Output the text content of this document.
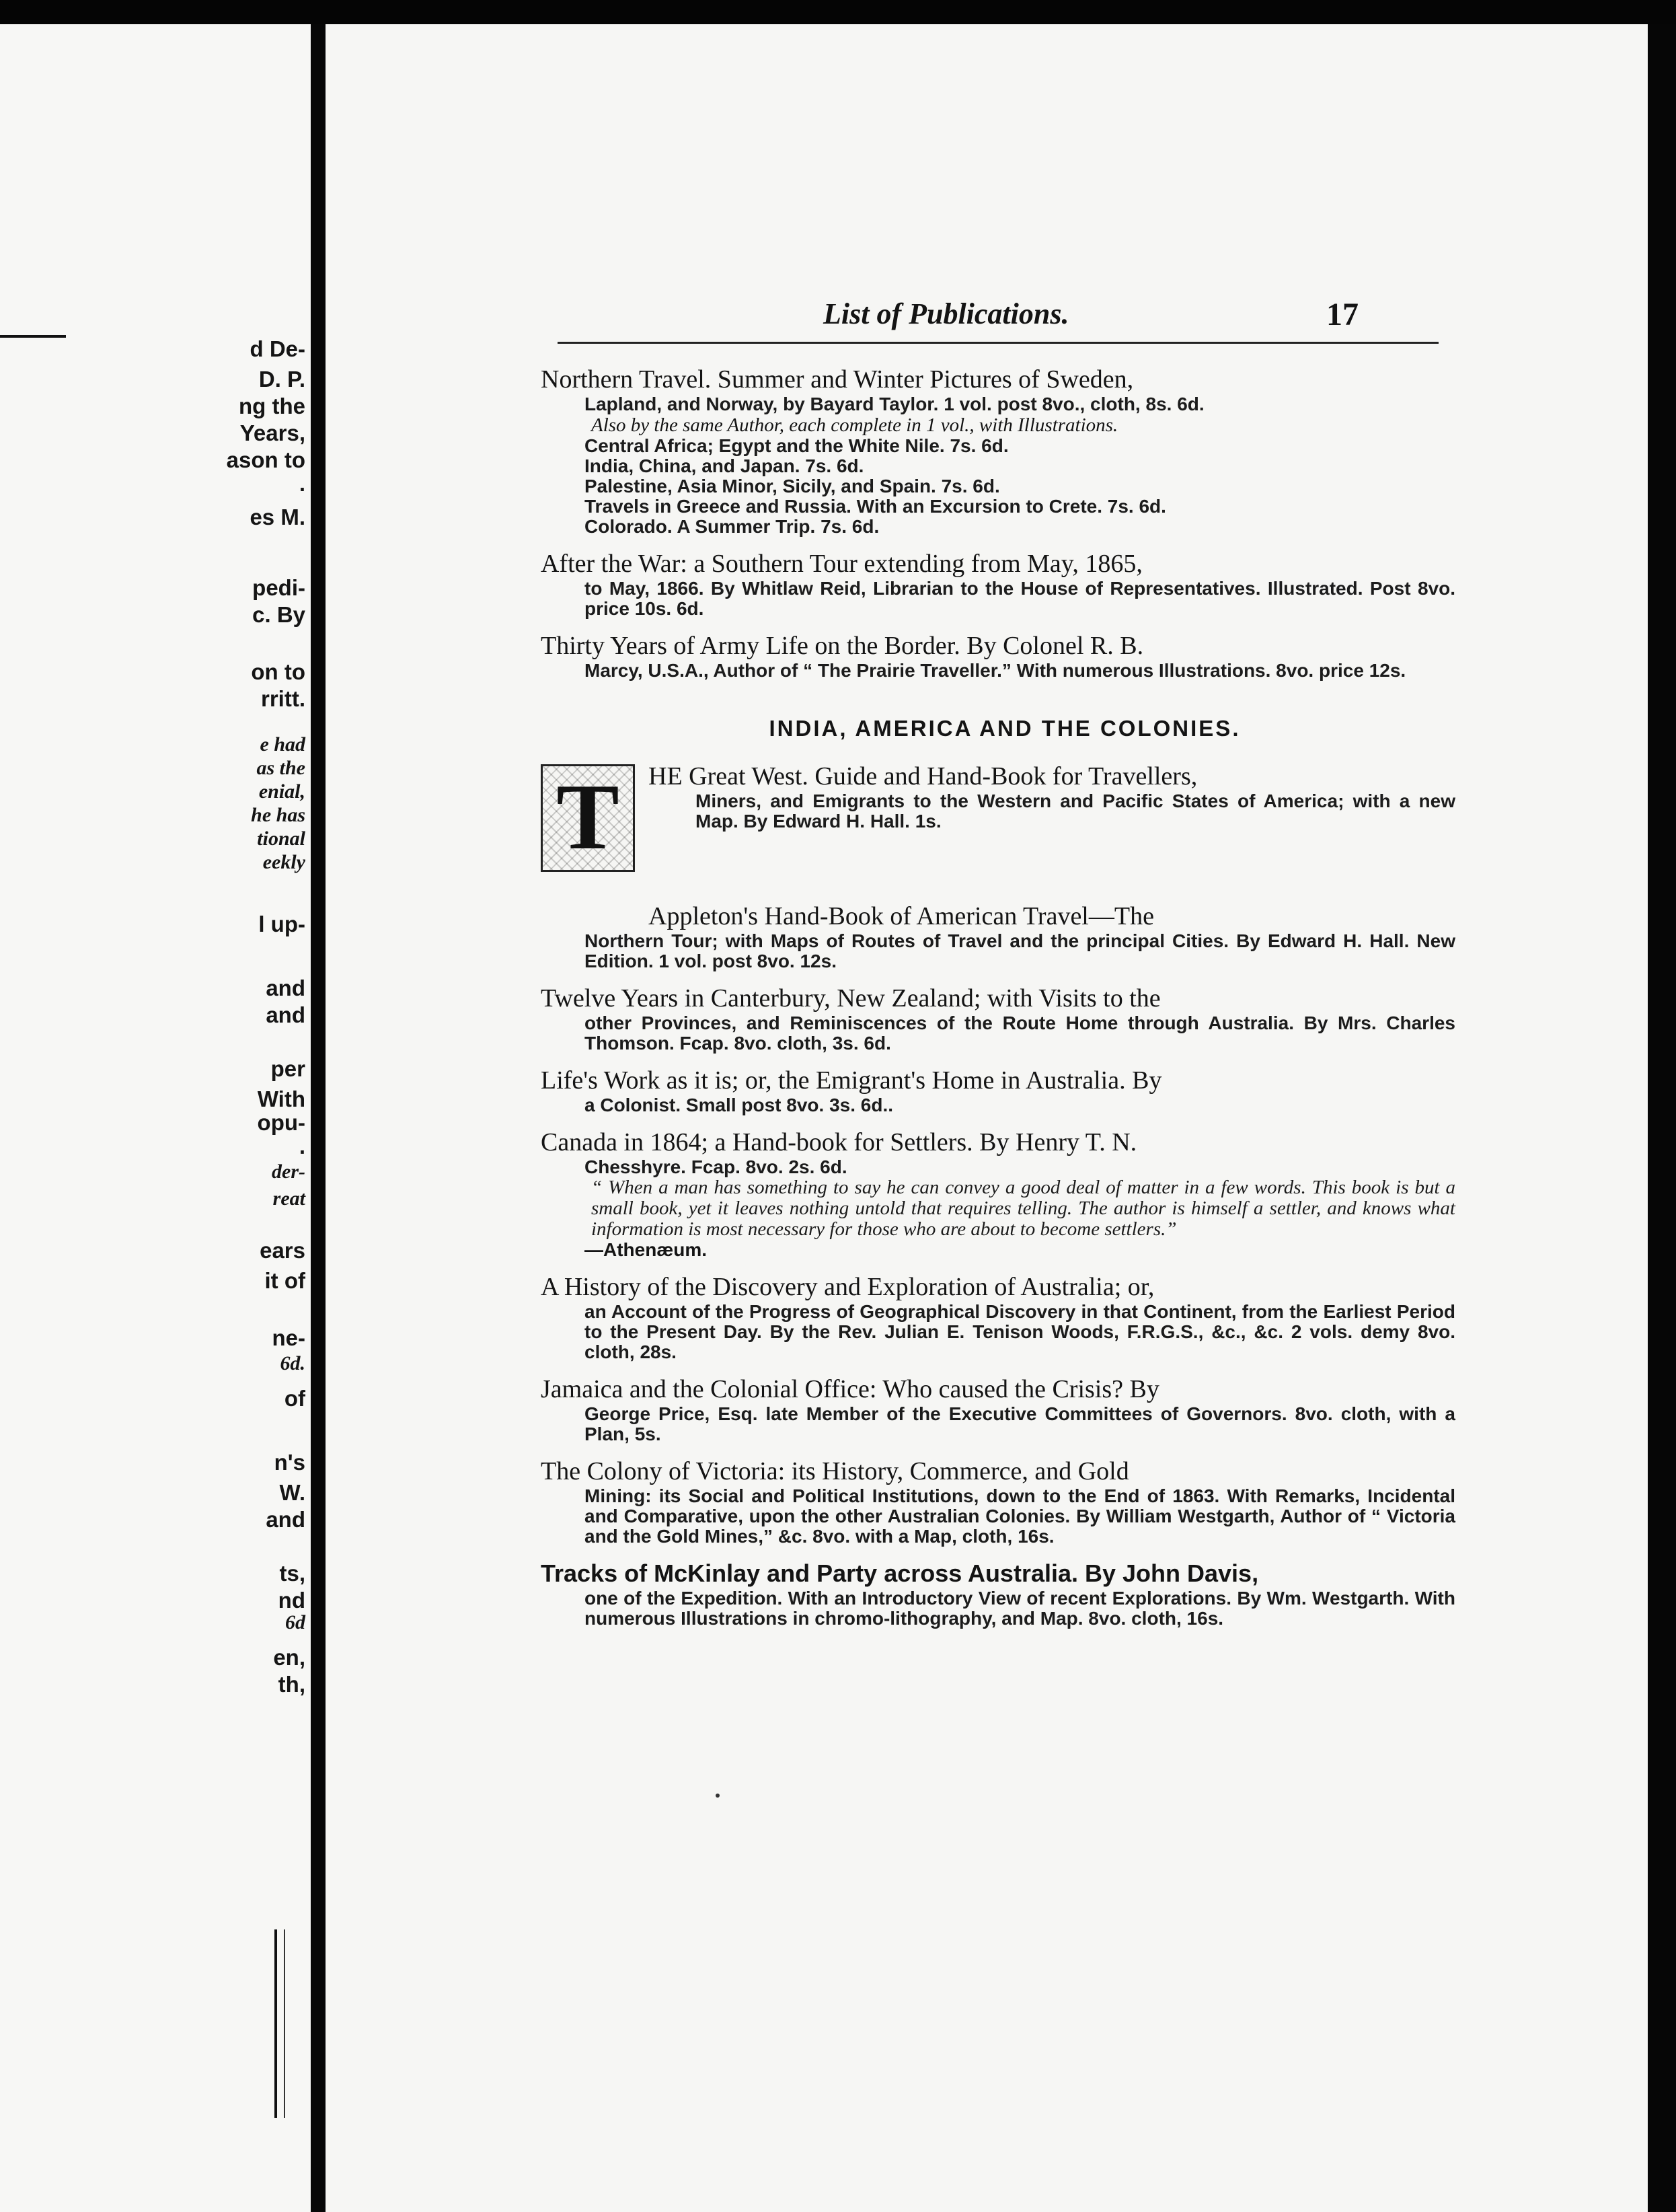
d De-
D. P.
ng the
Years,
ason to
.
es M.
pedi-
c. By
on to
rritt.
e had
as the
enial,
he has
tional
eekly
l up-
and
and
per
With
opu-
.
der-
reat
ears
it of
ne-
6d.
of
n's
W.
and
ts,
nd
6d
en,
th,
List of Publications.	17
Northern Travel. Summer and Winter Pictures of Sweden,
Lapland, and Norway, by Bayard Taylor. 1 vol. post 8vo., cloth, 8s. 6d.
Also by the same Author, each complete in 1 vol., with Illustrations.
Central Africa; Egypt and the White Nile. 7s. 6d.
India, China, and Japan. 7s. 6d.
Palestine, Asia Minor, Sicily, and Spain. 7s. 6d.
Travels in Greece and Russia. With an Excursion to Crete. 7s. 6d.
Colorado. A Summer Trip. 7s. 6d.
After the War: a Southern Tour extending from May, 1865,
to May, 1866. By Whitlaw Reid, Librarian to the House of Representatives. Illustrated. Post 8vo. price 10s. 6d.
Thirty Years of Army Life on the Border. By Colonel R. B.
Marcy, U.S.A., Author of “ The Prairie Traveller.” With numerous Illustrations. 8vo. price 12s.
INDIA, AMERICA AND THE COLONIES.
T	HE Great West. Guide and Hand-Book for Travellers,
Miners, and Emigrants to the Western and Pacific States of America; with a new Map. By Edward H. Hall. 1s.
Appleton's Hand-Book of American Travel—The
Northern Tour; with Maps of Routes of Travel and the principal Cities. By Edward H. Hall. New Edition. 1 vol. post 8vo. 12s.
Twelve Years in Canterbury, New Zealand; with Visits to the
other Provinces, and Reminiscences of the Route Home through Australia. By Mrs. Charles Thomson. Fcap. 8vo. cloth, 3s. 6d.
Life's Work as it is; or, the Emigrant's Home in Australia. By
a Colonist. Small post 8vo. 3s. 6d..
Canada in 1864; a Hand-book for Settlers. By Henry T. N.
Chesshyre. Fcap. 8vo. 2s. 6d.
“ When a man has something to say he can convey a good deal of matter in a few words. This book is but a small book, yet it leaves nothing untold that requires telling. The author is himself a settler, and knows what information is most necessary for those who are about to become settlers.”
—Athenæum.
A History of the Discovery and Exploration of Australia; or,
an Account of the Progress of Geographical Discovery in that Continent, from the Earliest Period to the Present Day. By the Rev. Julian E. Tenison Woods, F.R.G.S., &c., &c. 2 vols. demy 8vo. cloth, 28s.
Jamaica and the Colonial Office: Who caused the Crisis? By
George Price, Esq. late Member of the Executive Committees of Governors. 8vo. cloth, with a Plan, 5s.
The Colony of Victoria: its History, Commerce, and Gold
Mining: its Social and Political Institutions, down to the End of 1863. With Remarks, Incidental and Comparative, upon the other Australian Colonies. By William Westgarth, Author of “ Victoria and the Gold Mines,” &c. 8vo. with a Map, cloth, 16s.
Tracks of McKinlay and Party across Australia. By John Davis,
one of the Expedition. With an Introductory View of recent Explorations. By Wm. Westgarth. With numerous Illustrations in chromo-lithography, and Map. 8vo. cloth, 16s.
